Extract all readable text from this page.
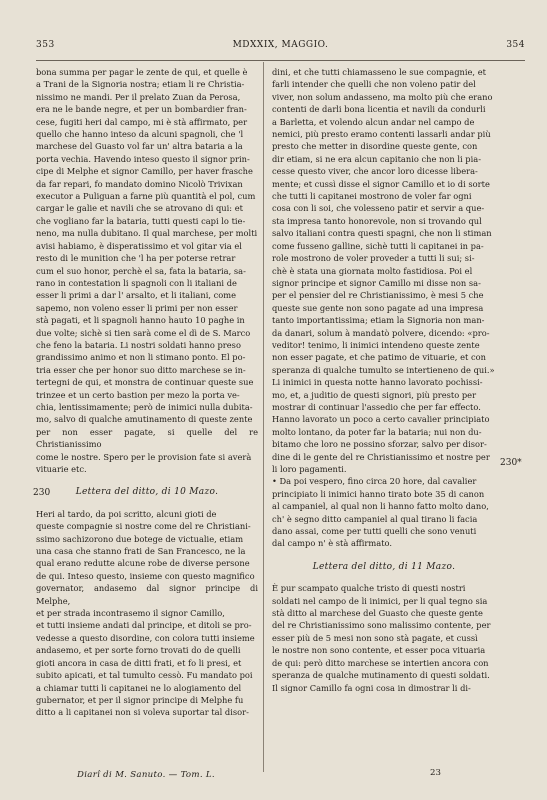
353	MDXXIX, MAGGIO.	354

bona summa per pagar le zente de qui, et quelle è
a Trani de la Signoria nostra; etiam li re Christia-
nissimo ne mandi. Per il prelato Zuan da Perosa,
era ne le bande negre, et per un bombardier fran-
cese, fugiti heri dal campo, mi è stà affirmato, per
quello che hanno inteso da alcuni spagnoli, che 'l
marchese del Guasto vol far un' altra bataria a la
porta vechia. Havendo inteso questo il signor prin-
cipe di Melphe et signor Camillo, per haver frasche
da far repari, fo mandato domino Nicolò Trivixan
executor a Puliguan a farne più quantità el pol, cum
cargar le galie et navili che se atrovano di qui: et
che vogliano far la bataria, tutti questi capi lo tie-
neno, ma nulla dubitano. Il qual marchese, per molti
avisi habiamo, è disperatissimo et vol gitar via el
resto di le munition che 'l ha per poterse retrar
cum el suo honor, perchè el sa, fata la bataria, sa-
rano in contestation li spagnoli con li italiani de
esser li primi a dar l' arsalto, et li italiani, come
sapemo, non voleno esser li primi per non esser
stà pagati, et li spagnoli hanno hauto 10 paghe in
due volte; sichè si tien sarà come el dì de S. Marco
che feno la bataria. Li nostri soldati hanno preso
grandissimo animo et non li stimano ponto. El po-
tria esser che per honor suo ditto marchese se in-
tertegni de qui, et monstra de continuar queste sue
trinzee et un certo bastion per mezo la porta ve-
chia, lentissimamente; però de inimici nulla dubita-
mo, salvo di qualche amutinamento di queste zente
per non esser pagate, si quelle del re Christianissimo
come le nostre. Spero per le provision fate si averà
vituarie etc.

Lettera del ditto, di 10 Mazo.

Heri al tardo, da poi scritto, alcuni gioti de
queste compagnie si nostre come del re Christiani-
ssimo sachizorono due botege de victualie, etiam
una casa che stanno frati de San Francesco, ne la
qual erano redutte alcune robe de diverse persone
de qui. Inteso questo, insieme con questo magnifico
governator, andasemo dal signor principe di Melphe,
et per strada incontrasemo il signor Camillo,
et tutti insieme andati dal principe, et ditoli se pro-
vedesse a questo disordine, con colora tutti insieme
andasemo, et per sorte forno trovati do de quelli
gioti ancora in casa de ditti frati, et fo li presi, et
subito apicati, et tal tumulto cessò. Fu mandato poi
a chiamar tutti li capitanei ne lo alogiamento del
gubernator, et per il signor principe di Melphe fu
ditto a li capitanei non si voleva suportar tal disor-

dini, et che tutti chiamasseno le sue compagnie, et
farli intender che quelli che non voleno patir del
viver, non solum andasseno, ma molto più che erano
contenti de darli bona licentia et navili da condurli
a Barletta, et volendo alcun andar nel campo de
nemici, più presto eramo contenti lassarli andar più
presto che metter in disordine queste gente, con
dir etiam, si ne era alcun capitanio che non li pia-
cesse questo viver, che ancor loro dicesse libera-
mente; et cussì disse el signor Camillo et io di sorte
che tutti li capitanei mostrono de voler far ogni
cosa con li soi, che volesseno patir et servir a que-
sta impresa tanto honorevole, non si trovando qul
salvo italiani contra questi spagni, che non li stiman
come fusseno galline, sichè tutti li capitanei in pa-
role mostrono de voler proveder a tutti li sui; si-
chè è stata una giornata molto fastidiosa. Poi el
signor principe et signor Camillo mi disse non sa-
per el pensier del re Christianissimo, è mesi 5 che
queste sue gente non sono pagate ad una impresa
tanto importantissima; etiam la Signoria non man-
da danari, solum à mandatò polvere, dicendo: «pro-
veditor! tenimo, li inimici intendeno queste zente
non esser pagate, et che patimo de vituarie, et con
speranza di qualche tumulto se intertieneno de qui.»
Li inimici in questa notte hanno lavorato pochissi-
mo, et, a juditio de questi signori, più presto per
mostrar di continuar l'assedio che per far effecto.
Hanno lavorato un poco a certo cavalier principiato
molto lontano, da poter far la bataria; nui non du-
bitamo che loro ne possino sforzar, salvo per disor-
dine di le gente del re Christianissimo et nostre per
li loro pagamenti.

• Da poi vespero, fino circa 20 hore, dal cavalier
principiato li inimici hanno tirato bote 35 di canon
al campaniel, al qual non li hanno fatto molto dano,
ch' è segno ditto campaniel al qual tirano li facia
dano assai, come per tutti quelli che sono venuti
dal campo n' è stà affirmato.

Lettera del ditto, di 11 Mazo.

È pur scampato qualche tristo di questi nostri
soldati nel campo de li inimici, per li qual tegno sia
stà ditto al marchese del Guasto che queste gente
del re Christianissimo sono malissimo contente, per
esser più de 5 mesi non sono stà pagate, et cussì
le nostre non sono contente, et esser poca vituaria
de qui: però ditto marchese se intertien ancora con
speranza de qualche mutinamento di questi soldati.
Il signor Camillo fa ogni cosa in dimostrar li di-

230
230*
Diarî di M. Sanuto. — Tom. L.	23
